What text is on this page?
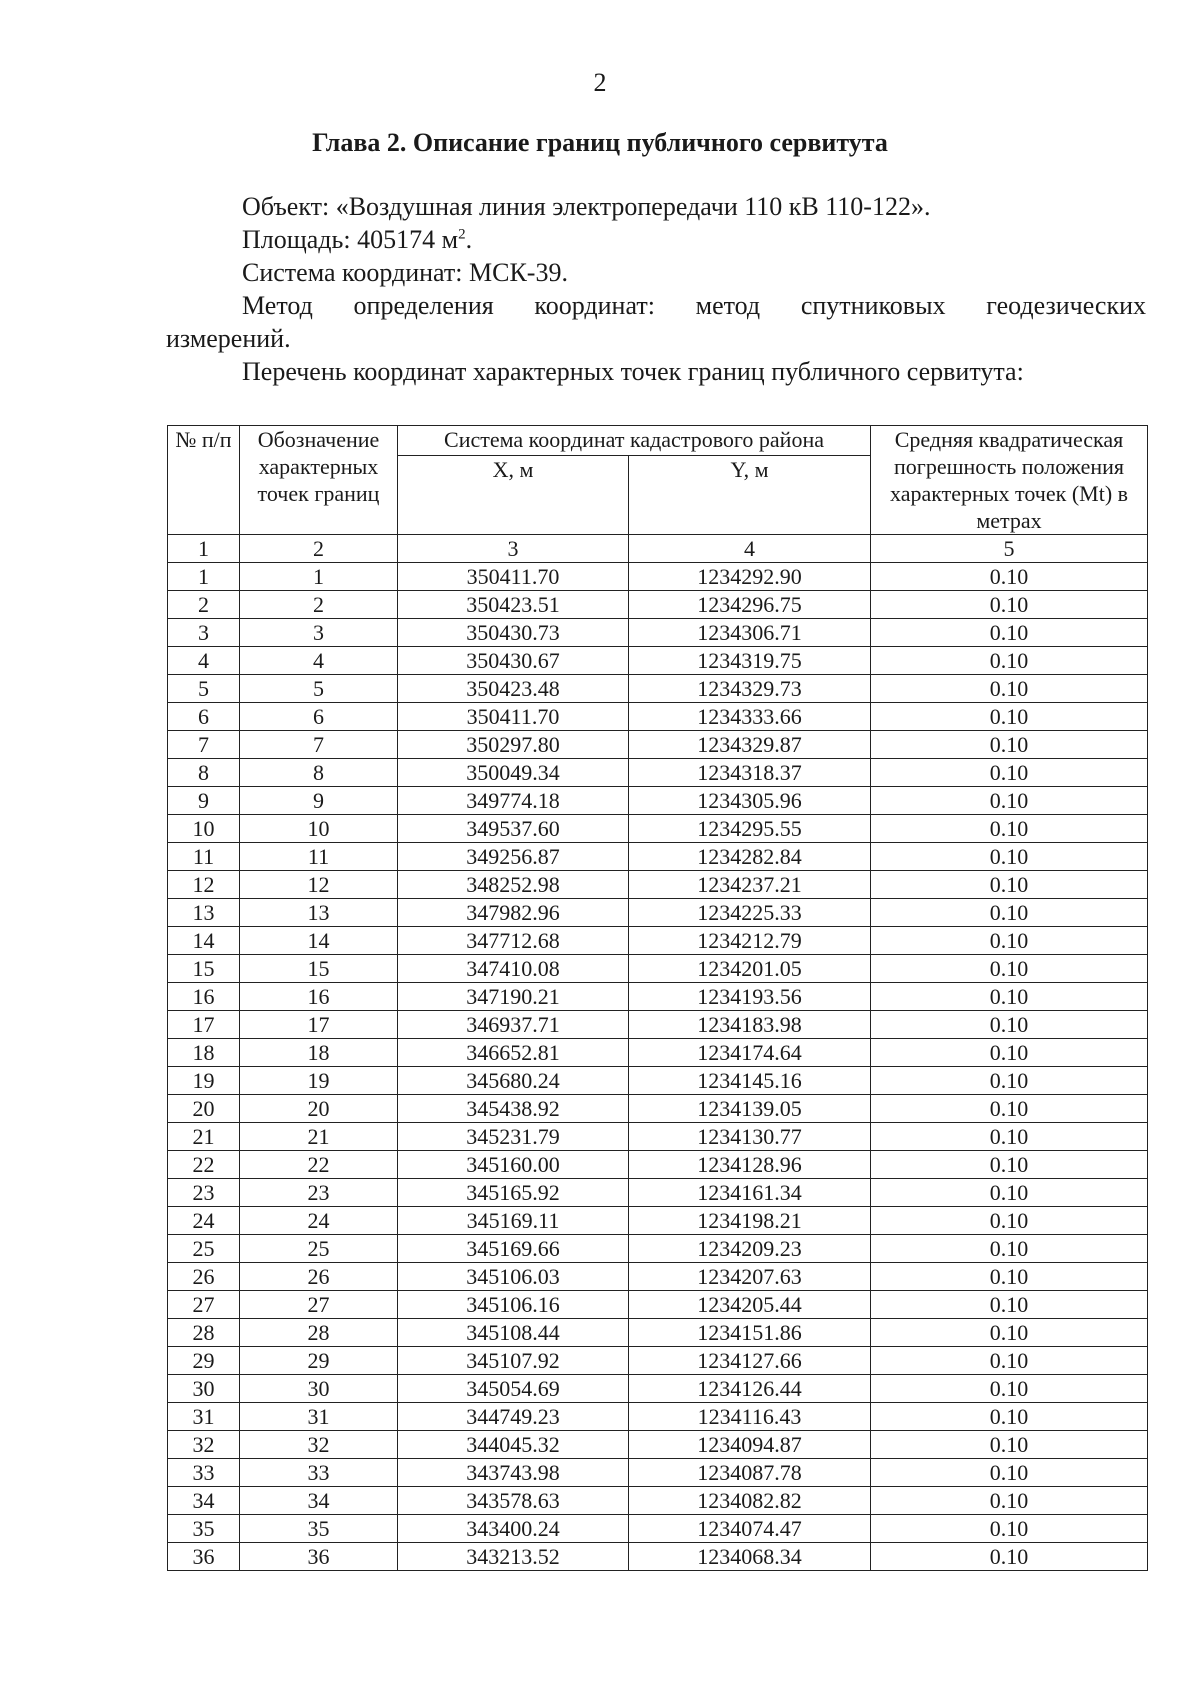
2
Глава 2. Описание границ публичного сервитута

Объект: «Воздушная линия электропередачи 110 кВ 110-122».

Площадь: 405174 $м^2$.

Система координат: МСК-39.

Метод определения координат: метод спутниковых геодезических

измерений.

Перечень координат характерных точек границ публичного сервитута:

№ п/п	Обозначение характерных точек границ	Система координат кадастрового района		Средняя квадратическая погрешность положения характерных точек (Mt) в метрах
		X, м	Y, м	
1	2	3	4	5
1	1	350411.70	1234292.90	0.10
2	2	350423.51	1234296.75	0.10
3	3	350430.73	1234306.71	0.10
4	4	350430.67	1234319.75	0.10
5	5	350423.48	1234329.73	0.10
6	6	350411.70	1234333.66	0.10
7	7	350297.80	1234329.87	0.10
8	8	350049.34	1234318.37	0.10
9	9	349774.18	1234305.96	0.10
10	10	349537.60	1234295.55	0.10
11	11	349256.87	1234282.84	0.10
12	12	348252.98	1234237.21	0.10
13	13	347982.96	1234225.33	0.10
14	14	347712.68	1234212.79	0.10
15	15	347410.08	1234201.05	0.10
16	16	347190.21	1234193.56	0.10
17	17	346937.71	1234183.98	0.10
18	18	346652.81	1234174.64	0.10
19	19	345680.24	1234145.16	0.10
20	20	345438.92	1234139.05	0.10
21	21	345231.79	1234130.77	0.10
22	22	345160.00	1234128.96	0.10
23	23	345165.92	1234161.34	0.10
24	24	345169.11	1234198.21	0.10
25	25	345169.66	1234209.23	0.10
26	26	345106.03	1234207.63	0.10
27	27	345106.16	1234205.44	0.10
28	28	345108.44	1234151.86	0.10
29	29	345107.92	1234127.66	0.10
30	30	345054.69	1234126.44	0.10
31	31	344749.23	1234116.43	0.10
32	32	344045.32	1234094.87	0.10
33	33	343743.98	1234087.78	0.10
34	34	343578.63	1234082.82	0.10
35	35	343400.24	1234074.47	0.10
36	36	343213.52	1234068.34	0.10
